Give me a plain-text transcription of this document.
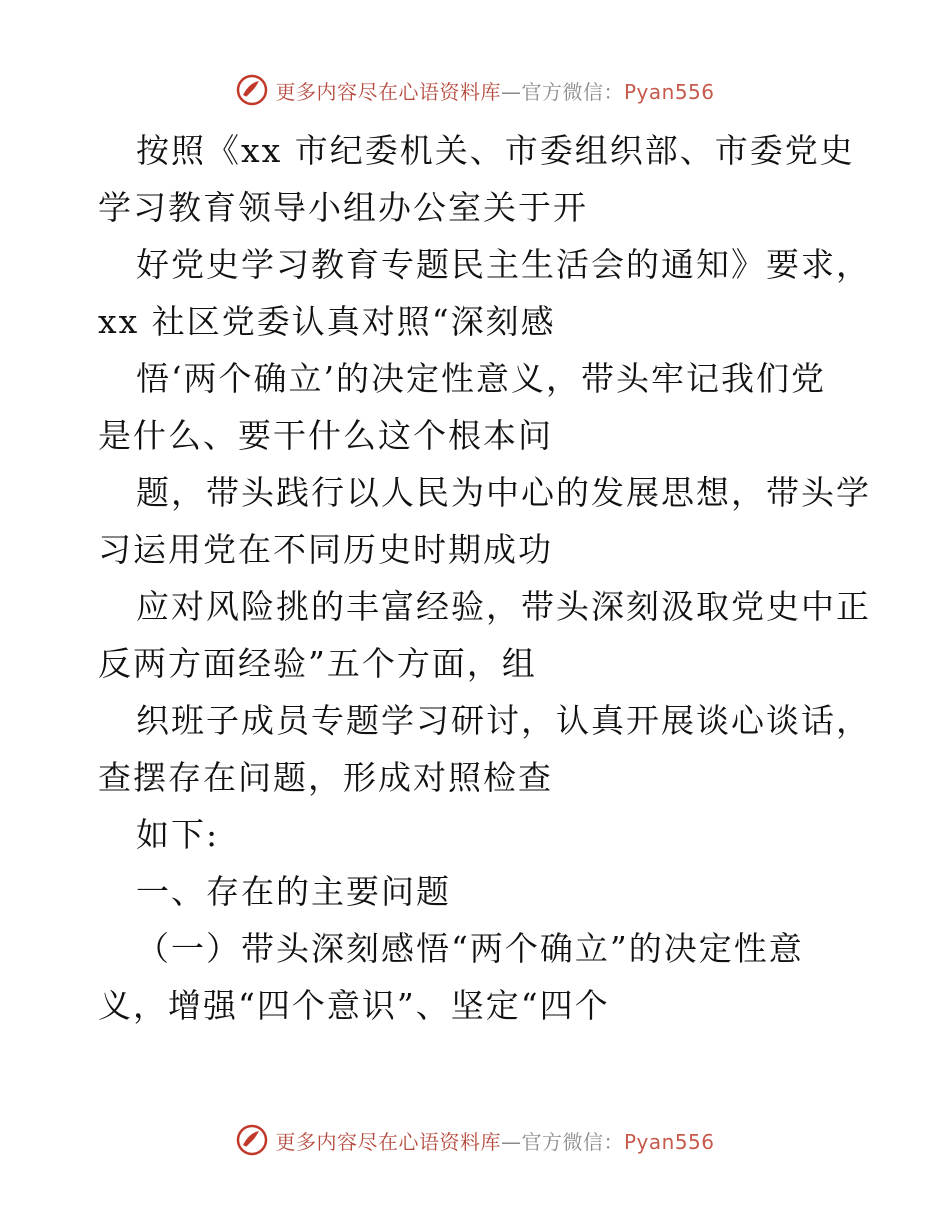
更多内容尽在心语资料库—官方微信：Pyan556
按照《xx 市纪委机关、市委组织部、市委党史
学习教育领导小组办公室关于开
好党史学习教育专题民主生活会的通知》要求，
xx 社区党委认真对照“深刻感
悟‘两个确立’的决定性意义，带头牢记我们党
是什么、要干什么这个根本问
题，带头践行以人民为中心的发展思想，带头学
习运用党在不同历史时期成功
应对风险挑的丰富经验，带头深刻汲取党史中正
反两方面经验”五个方面，组
织班子成员专题学习研讨，认真开展谈心谈话，
查摆存在问题，形成对照检查
如下:
一、存在的主要问题
（一）带头深刻感悟“两个确立”的决定性意
义，增强“四个意识”、坚定“四个
更多内容尽在心语资料库—官方微信：Pyan556
